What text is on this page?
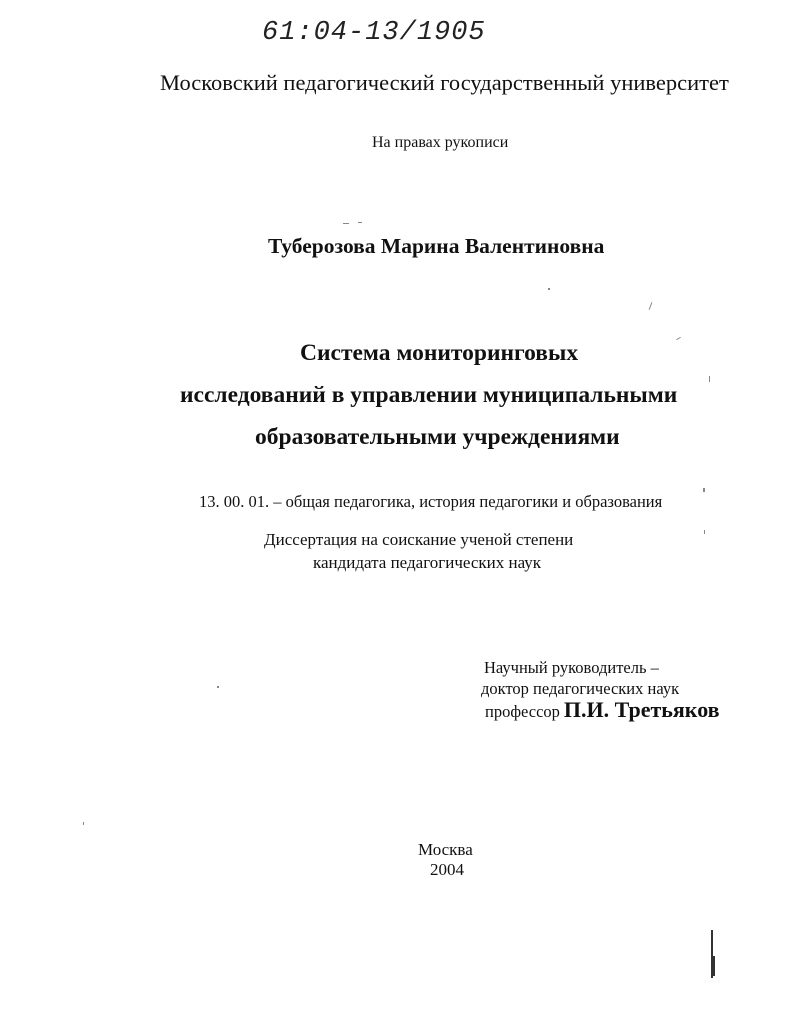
61:04-13/1905
Московский педагогический государственный университет
На правах рукописи
Туберозова Марина Валентиновна
Система мониторинговых
исследований в управлении муниципальными
образовательными учреждениями
13. 00. 01. – общая педагогика, история педагогики и образования
Диссертация на соискание ученой степени
кандидата педагогических наук
Научный руководитель –
доктор педагогических наук
профессор П.И. Третьяков
Москва
2004
